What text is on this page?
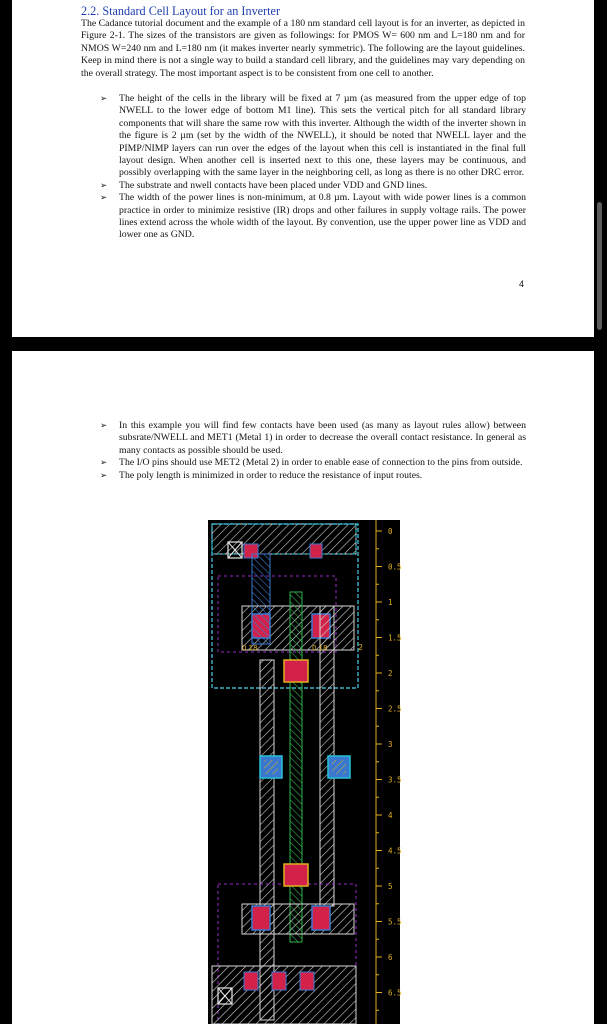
2.2. Standard Cell Layout for an Inverter
The Cadance tutorial document and the example of a 180 nm standard cell layout is for an inverter, as depicted in Figure 2-1. The sizes of the transistors are given as followings: for PMOS W= 600 nm and L=180 nm and for NMOS W=240 nm and L=180 nm (it makes inverter nearly symmetric). The following are the layout guidelines. Keep in mind there is not a single way to build a standard cell library, and the guidelines may vary depending on the overall strategy. The most important aspect is to be consistent from one cell to another.
➢ The height of the cells in the library will be fixed at 7 µm (as measured from the upper edge of top NWELL to the lower edge of bottom M1 line). This sets the vertical pitch for all standard library components that will share the same row with this inverter. Although the width of the inverter shown in the figure is 2 µm (set by the width of the NWELL), it should be noted that NWELL layer and the PIMP/NIMP layers can run over the edges of the layout when this cell is instantiated in the final full layout design. When another cell is inserted next to this one, these layers may be continuous, and possibly overlapping with the same layer in the neighboring cell, as long as there is no other DRC error.
➢ The substrate and nwell contacts have been placed under VDD and GND lines.
➢ The width of the power lines is non-minimum, at 0.8 µm. Layout with wide power lines is a common practice in order to minimize resistive (IR) drops and other failures in supply voltage rails. The power lines extend across the whole width of the layout. By convention, use the upper power line as VDD and lower one as GND.
4
➢ In this example you will find few contacts have been used (as many as layout rules allow) between subsrate/NWELL and MET1 (Metal 1) in order to decrease the overall contact resistance. In general as many contacts as possible should be used.
➢ The I/O pins should use MET2 (Metal 2) in order to enable ease of connection to the pins from outside.
➢ The poly length is minimized in order to reduce the resistance of input routes.
0.18	0.18	2
0
0.5
1
1.5
2
2.5
3
3.5
4
4.5
5
5.5
6
6.5
